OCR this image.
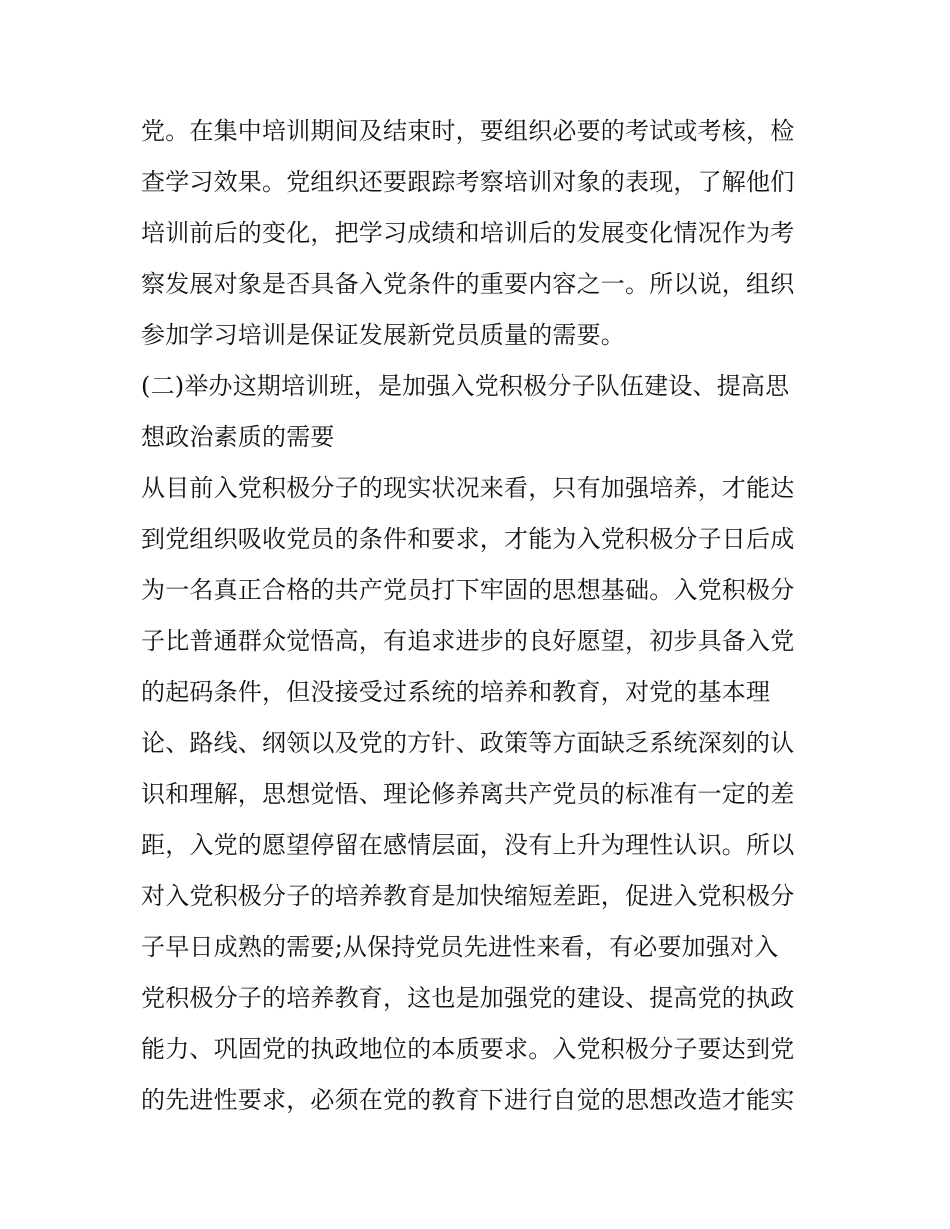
党。在集中培训期间及结束时，要组织必要的考试或考核，检
查学习效果。党组织还要跟踪考察培训对象的表现，了解他们
培训前后的变化，把学习成绩和培训后的发展变化情况作为考
察发展对象是否具备入党条件的重要内容之一。所以说，组织
参加学习培训是保证发展新党员质量的需要。
(二)举办这期培训班，是加强入党积极分子队伍建设、提高思
想政治素质的需要
从目前入党积极分子的现实状况来看，只有加强培养，才能达
到党组织吸收党员的条件和要求，才能为入党积极分子日后成
为一名真正合格的共产党员打下牢固的思想基础。入党积极分
子比普通群众觉悟高，有追求进步的良好愿望，初步具备入党
的起码条件，但没接受过系统的培养和教育，对党的基本理
论、路线、纲领以及党的方针、政策等方面缺乏系统深刻的认
识和理解，思想觉悟、理论修养离共产党员的标准有一定的差
距，入党的愿望停留在感情层面，没有上升为理性认识。所以
对入党积极分子的培养教育是加快缩短差距，促进入党积极分
子早日成熟的需要;从保持党员先进性来看，有必要加强对入
党积极分子的培养教育，这也是加强党的建设、提高党的执政
能力、巩固党的执政地位的本质要求。入党积极分子要达到党
的先进性要求，必须在党的教育下进行自觉的思想改造才能实
